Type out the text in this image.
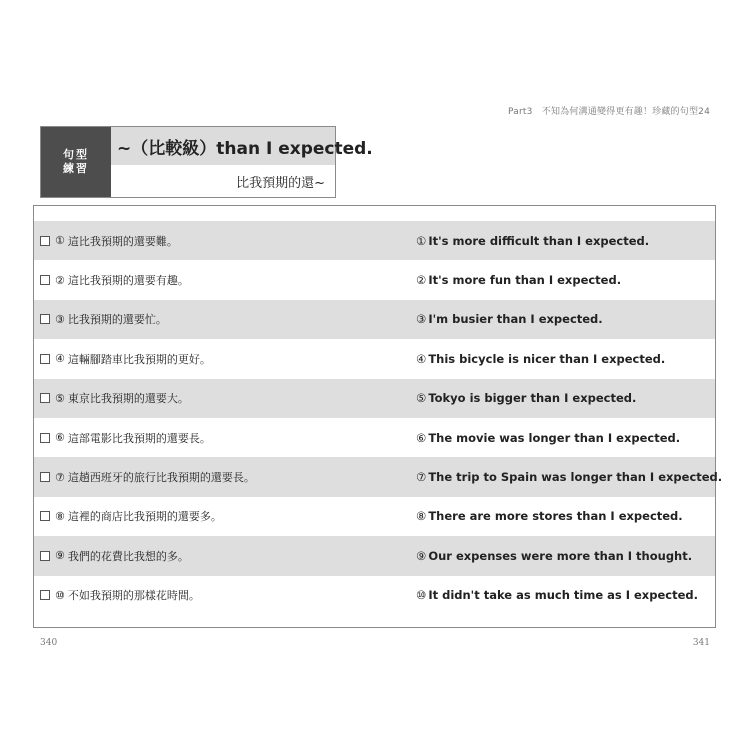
Part3　不知為何溝通變得更有趣！珍藏的句型24
句型
練習
~（比較級）than I expected.
比我預期的還~
① 這比我預期的還要難。	① It's more difficult than I expected.
② 這比我預期的還要有趣。	② It's more fun than I expected.
③ 比我預期的還要忙。	③ I'm busier than I expected.
④ 這輛腳踏車比我預期的更好。	④ This bicycle is nicer than I expected.
⑤ 東京比我預期的還要大。	⑤ Tokyo is bigger than I expected.
⑥ 這部電影比我預期的還要長。	⑥ The movie was longer than I expected.
⑦ 這趟西班牙的旅行比我預期的還要長。	⑦ The trip to Spain was longer than I expected.
⑧ 這裡的商店比我預期的還要多。	⑧ There are more stores than I expected.
⑨ 我們的花費比我想的多。	⑨ Our expenses were more than I thought.
⑩ 不如我預期的那樣花時間。	⑩ It didn't take as much time as I expected.
340	341
